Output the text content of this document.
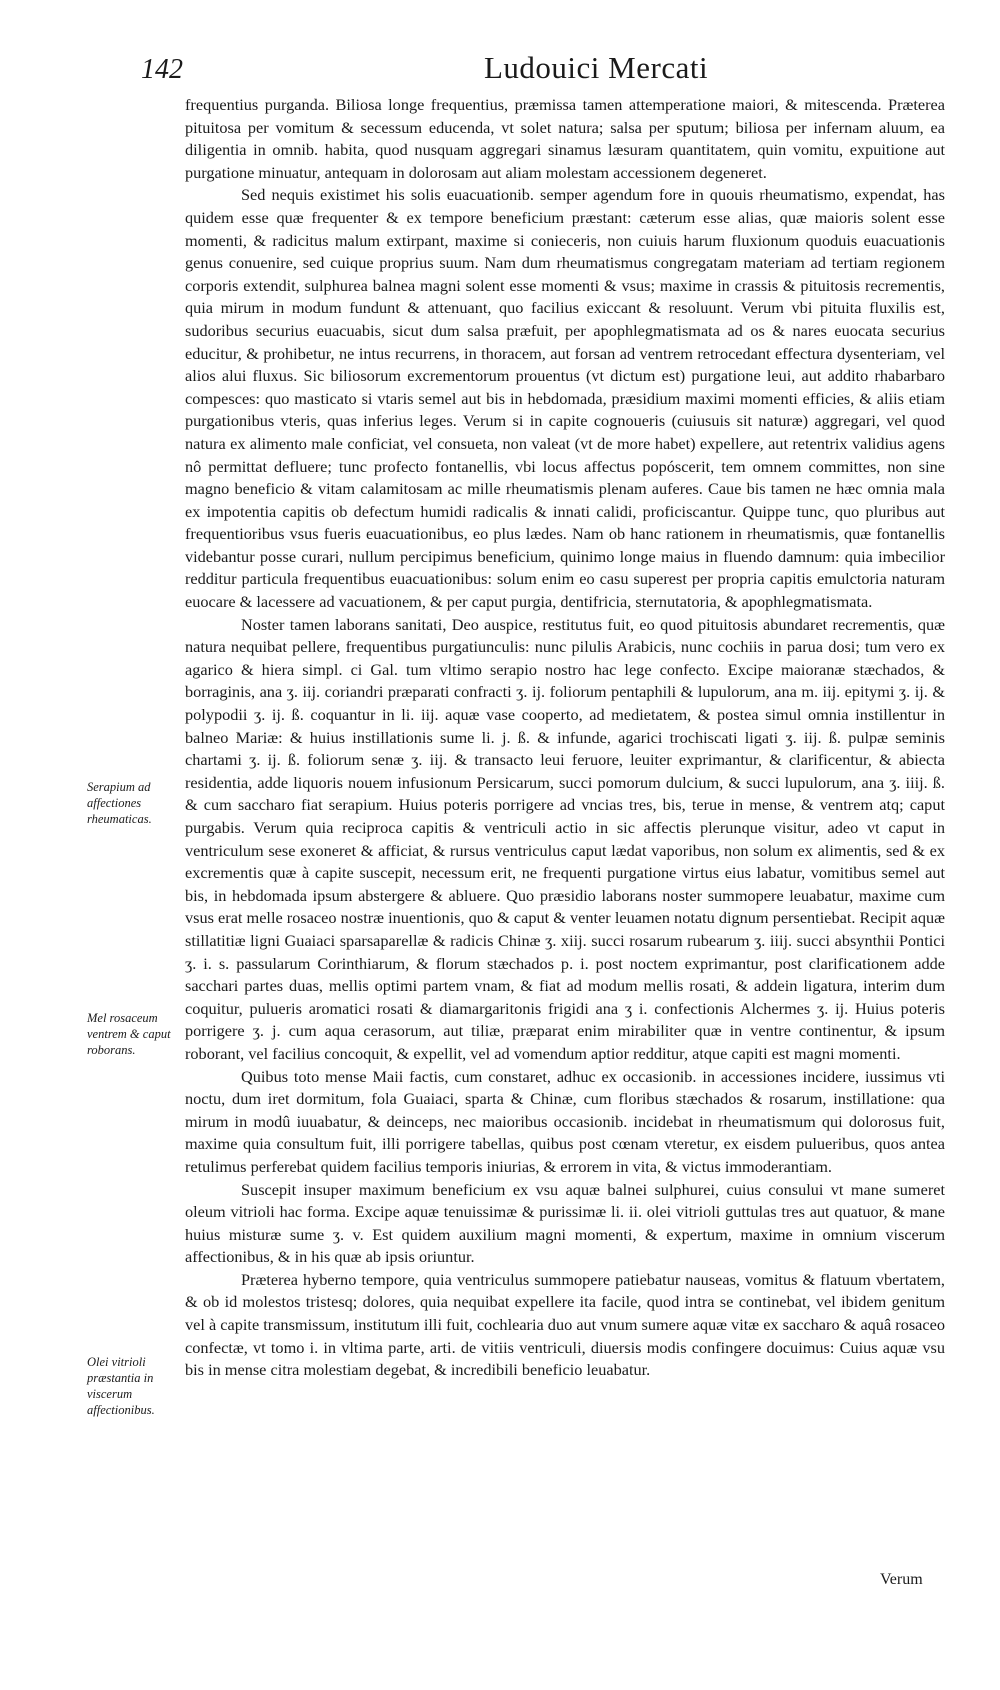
142	Ludouici Mercati

frequentius purganda. Biliosa longe frequentius, præmissa tamen attemperatione maiori, & mitescenda. Præterea pituitosa per vomitum & secessum educenda, vt solet natura; salsa per sputum; biliosa per infernam aluum, ea diligentia in omnib. habita, quod nusquam aggregari sinamus læsuram quantitatem, quin vomitu, expuitione aut purgatione minuatur, antequam in dolorosam aut aliam molestam accessionem degeneret.

Sed nequis existimet his solis euacuationib. semper agendum fore in quouis rheumatismo, expendat, has quidem esse quæ frequenter & ex tempore beneficium præstant: cæterum esse alias, quæ maioris solent esse momenti, & radicitus malum extirpant, maxime si conieceris, non cuiuis harum fluxionum quoduis euacuationis genus conuenire, sed cuique proprius suum. Nam dum rheumatismus congregatam materiam ad tertiam regionem corporis extendit, sulphurea balnea magni solent esse momenti & vsus; maxime in crassis & pituitosis recrementis, quia mirum in modum fundunt & attenuant, quo facilius exiccant & resoluunt. Verum vbi pituita fluxilis est, sudoribus securius euacuabis, sicut dum salsa præfuit, per apophlegmatismata ad os & nares euocata securius educitur, & prohibetur, ne intus recurrens, in thoracem, aut forsan ad ventrem retrocedant effectura dysenteriam, vel alios alui fluxus. Sic biliosorum excrementorum prouentus (vt dictum est) purgatione leui, aut addito rhabarbaro compesces: quo masticato si vtaris semel aut bis in hebdomada, præsidium maximi momenti efficies, & aliis etiam purgationibus vteris, quas inferius leges. Verum si in capite cognoueris (cuiusuis sit naturæ) aggregari, vel quod natura ex alimento male conficiat, vel consueta, non valeat (vt de more habet) expellere, aut retentrix validius agens nô permittat defluere; tunc profecto fontanellis, vbi locus affectus popóscerit, tem omnem committes, non sine magno beneficio & vitam calamitosam ac mille rheumatismis plenam auferes. Caue bis tamen ne hæc omnia mala ex impotentia capitis ob defectum humidi radicalis & innati calidi, proficiscantur. Quippe tunc, quo pluribus aut frequentioribus vsus fueris euacuationibus, eo plus lædes. Nam ob hanc rationem in rheumatismis, quæ fontanellis videbantur posse curari, nullum percipimus beneficium, quinimo longe maius in fluendo damnum: quia imbecilior redditur particula frequentibus euacuationibus: solum enim eo casu superest per propria capitis emulctoria naturam euocare & lacessere ad vacuationem, & per caput purgia, dentifricia, sternutatoria, & apophlegmatismata.

Noster tamen laborans sanitati, Deo auspice, restitutus fuit, eo quod pituitosis abundaret recrementis, quæ natura nequibat pellere, frequentibus purgatiunculis: nunc pilulis Arabicis, nunc cochiis in parua dosi; tum vero ex agarico & hiera simpl. ci Gal. tum vltimo serapio nostro hac lege confecto. Excipe maioranæ stæchados, & borraginis, ana ʒ. iij. coriandri præparati confracti ʒ. ij. foliorum pentaphili & lupulorum, ana m. iij. epitymi ʒ. ij. & polypodii ʒ. ij. ß. coquantur in li. iij. aquæ vase cooperto, ad medietatem, & postea simul omnia instillentur in balneo Mariæ: & huius instillationis sume li. j. ß. & infunde, agarici trochiscati ligati ʒ. iij. ß. pulpæ seminis chartami ʒ. ij. ß. foliorum senæ ʒ. iij. & transacto leui feruore, leuiter exprimantur, & clarificentur, & abiecta residentia, adde liquoris nouem infusionum Persicarum, succi pomorum dulcium, & succi lupulorum, ana ʒ. iiij. ß. & cum saccharo fiat serapium. Huius poteris porrigere ad vncias tres, bis, terue in mense, & ventrem atq; caput purgabis. Verum quia reciproca capitis & ventriculi actio in sic affectis plerunque visitur, adeo vt caput in ventriculum sese exoneret & afficiat, & rursus ventriculus caput lædat vaporibus, non solum ex alimentis, sed & ex excrementis quæ à capite suscepit, necessum erit, ne frequenti purgatione virtus eius labatur, vomitibus semel aut bis, in hebdomada ipsum abstergere & abluere. Quo præsidio laborans noster summopere leuabatur, maxime cum vsus erat melle rosaceo nostræ inuentionis, quo & caput & venter leuamen notatu dignum persentiebat. Recipit aquæ stillatitiæ ligni Guaiaci sparsaparellæ & radicis Chinæ ʒ. xiij. succi rosarum rubearum ʒ. iiij. succi absynthii Pontici ʒ. i. s. passularum Corinthiarum, & florum stæchados p. i. post noctem exprimantur, post clarificationem adde sacchari partes duas, mellis optimi partem vnam, & fiat ad modum mellis rosati, & addein ligatura, interim dum coquitur, pulueris aromatici rosati & diamargaritonis frigidi ana ʒ i. confectionis Alchermes ʒ. ij. Huius poteris porrigere ʒ. j. cum aqua cerasorum, aut tiliæ, præparat enim mirabiliter quæ in ventre continentur, & ipsum roborant, vel facilius concoquit, & expellit, vel ad vomendum aptior redditur, atque capiti est magni momenti.

Quibus toto mense Maii factis, cum constaret, adhuc ex occasionib. in accessiones incidere, iussimus vti noctu, dum iret dormitum, fola Guaiaci, sparta & Chinæ, cum floribus stæchados & rosarum, instillatione: qua mirum in modû iuuabatur, & deinceps, nec maioribus occasionib. incidebat in rheumatismum qui dolorosus fuit, maxime quia consultum fuit, illi porrigere tabellas, quibus post cœnam vteretur, ex eisdem pulueribus, quos antea retulimus perferebat quidem facilius temporis iniurias, & errorem in vita, & victus immoderantiam.

Suscepit insuper maximum beneficium ex vsu aquæ balnei sulphurei, cuius consului vt mane sumeret oleum vitrioli hac forma. Excipe aquæ tenuissimæ & purissimæ li. ii. olei vitrioli guttulas tres aut quatuor, & mane huius misturæ sume ʒ. v. Est quidem auxilium magni momenti, & expertum, maxime in omnium viscerum affectionibus, & in his quæ ab ipsis oriuntur.

Præterea hyberno tempore, quia ventriculus summopere patiebatur nauseas, vomitus & flatuum vbertatem, & ob id molestos tristesq; dolores, quia nequibat expellere ita facile, quod intra se continebat, vel ibidem genitum vel à capite transmissum, institutum illi fuit, cochlearia duo aut vnum sumere aquæ vitæ ex saccharo & aquâ rosaceo confectæ, vt tomo i. in vltima parte, arti. de vitiis ventriculi, diuersis modis confingere docuimus: Cuius aquæ vsu bis in mense citra molestiam degebat, & incredibili beneficio leuabatur.

Serapium ad affectiones rheumaticas.
Mel rosaceum ventrem & caput roborans.
Olei vitrioli præstantia in viscerum affectionibus.
Verum
